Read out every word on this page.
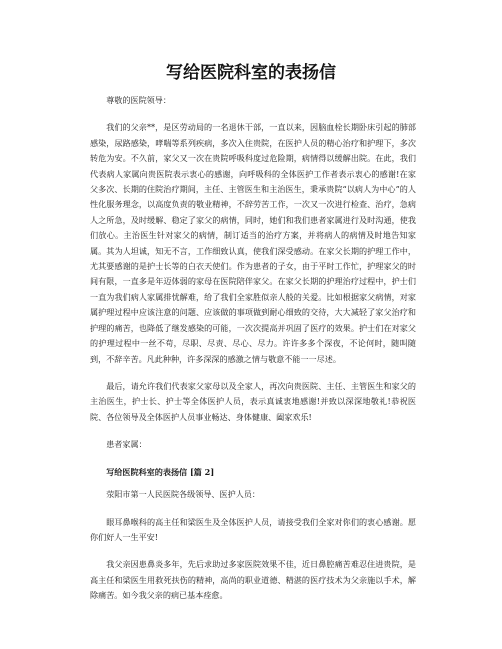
写给医院科室的表扬信

尊敬的医院领导：

我们的父亲**，是区劳动局的一名退休干部，一直以来，因脑血栓长期卧床引起的肺部感染，尿路感染，哮喘等系列疾病，多次入住贵院，在医护人员的精心治疗和护理下，多次转危为安。不久前，家父又一次在贵院呼吸科度过危险期，病情得以缓解出院。在此，我们代表病人家属向贵医院表示衷心的感谢，向呼吸科的全体医护工作者表示衷心的感谢!在家父多次、长期的住院治疗期间，主任、主管医生和主治医生，秉承贵院“以病人为中心”的人性化服务理念，以高度负责的敬业精神，不辞劳苦工作，一次又一次进行检查、治疗，急病人之所急，及时缓解、稳定了家父的病情，同时，她们和我们患者家属进行及时沟通，使我们放心。主治医生针对家父的病情，制订适当的治疗方案，并将病人的病情及时地告知家属。其为人坦诚，知无不言，工作细致认真，使我们深受感动。在家父长期的护理工作中，尤其要感谢的是护士长等的白衣天使们。作为患者的子女，由于平时工作忙，护理家父的时间有限，一直多是年迈体弱的家母在医院陪伴家父。在家父长期的护理治疗过程中，护士们一直为我们病人家属排忧解难，给了我们全家胜似亲人般的关爱。比如根据家父病情，对家属护理过程中应该注意的问题、应该做的事项做到耐心细致的交待，大大减轻了家父治疗和护理的痛苦，也降低了继发感染的可能，一次次提高并巩固了医疗的效果。护士们在对家父的护理过程中一丝不苟，尽职、尽责、尽心、尽力。许许多多个深夜，不论何时，随叫随到，不辞辛苦。凡此种种，许多深深的感激之情与敬意不能一一尽述。

最后，请允许我们代表家父家母以及全家人，再次向贵医院、主任、主管医生和家父的主治医生，护士长、护士等全体医护人员，表示真诚衷地感谢!并致以深深地敬礼!恭祝医院、各位领导及全体医护人员事业畅达、身体健康、阖家欢乐!

患者家属：

写给医院科室的表扬信 [篇 2]

荥阳市第一人民医院各级领导、医护人员：

眼耳鼻喉科的高主任和梁医生及全体医护人员，请接受我们全家对你们的衷心感谢。愿你们好人一生平安!

我父亲因患鼻炎多年，先后求助过多家医院效果不佳，近日鼻腔痛苦难忍住进贵院，是高主任和梁医生用救死扶伤的精神，高尚的职业道德、精湛的医疗技术为父亲施以手术，解除痛苦。如今我父亲的病已基本痊愈。
